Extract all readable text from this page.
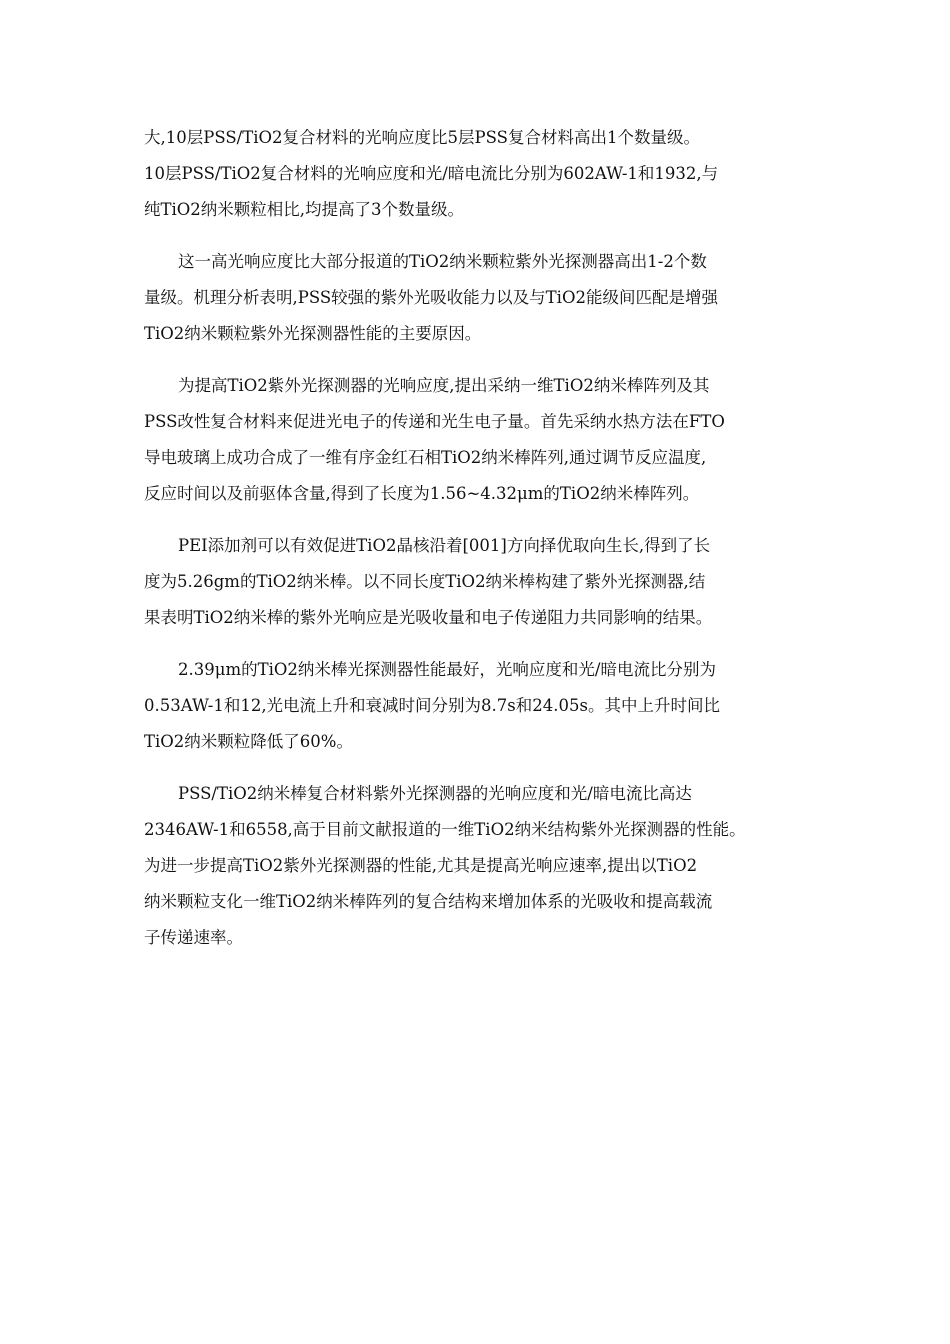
大,10层PSS/TiO2复合材料的光响应度比5层PSS复合材料高出1个数量级。
10层PSS/TiO2复合材料的光响应度和光/暗电流比分别为602AW-1和1932,与
纯TiO2纳米颗粒相比,均提高了3个数量级。

这一高光响应度比大部分报道的TiO2纳米颗粒紫外光探测器高出1-2个数
量级。机理分析表明,PSS较强的紫外光吸收能力以及与TiO2能级间匹配是增强
TiO2纳米颗粒紫外光探测器性能的主要原因。

为提高TiO2紫外光探测器的光响应度,提出采纳一维TiO2纳米棒阵列及其
PSS改性复合材料来促进光电子的传递和光生电子量。首先采纳水热方法在FTO
导电玻璃上成功合成了一维有序金红石相TiO2纳米棒阵列,通过调节反应温度,
反应时间以及前驱体含量,得到了长度为1.56~4.32μm的TiO2纳米棒阵列。

PEI添加剂可以有效促进TiO2晶核沿着[001]方向择优取向生长,得到了长
度为5.26gm的TiO2纳米棒。以不同长度TiO2纳米棒构建了紫外光探测器,结
果表明TiO2纳米棒的紫外光响应是光吸收量和电子传递阻力共同影响的结果。

2.39μm的TiO2纳米棒光探测器性能最好，光响应度和光/暗电流比分别为
0.53AW-1和12,光电流上升和衰减时间分别为8.7s和24.05s。其中上升时间比
TiO2纳米颗粒降低了60%。

PSS/TiO2纳米棒复合材料紫外光探测器的光响应度和光/暗电流比高达
2346AW-1和6558,高于目前文献报道的一维TiO2纳米结构紫外光探测器的性能。
为进一步提高TiO2紫外光探测器的性能,尤其是提高光响应速率,提出以TiO2
纳米颗粒支化一维TiO2纳米棒阵列的复合结构来增加体系的光吸收和提高载流
子传递速率。
